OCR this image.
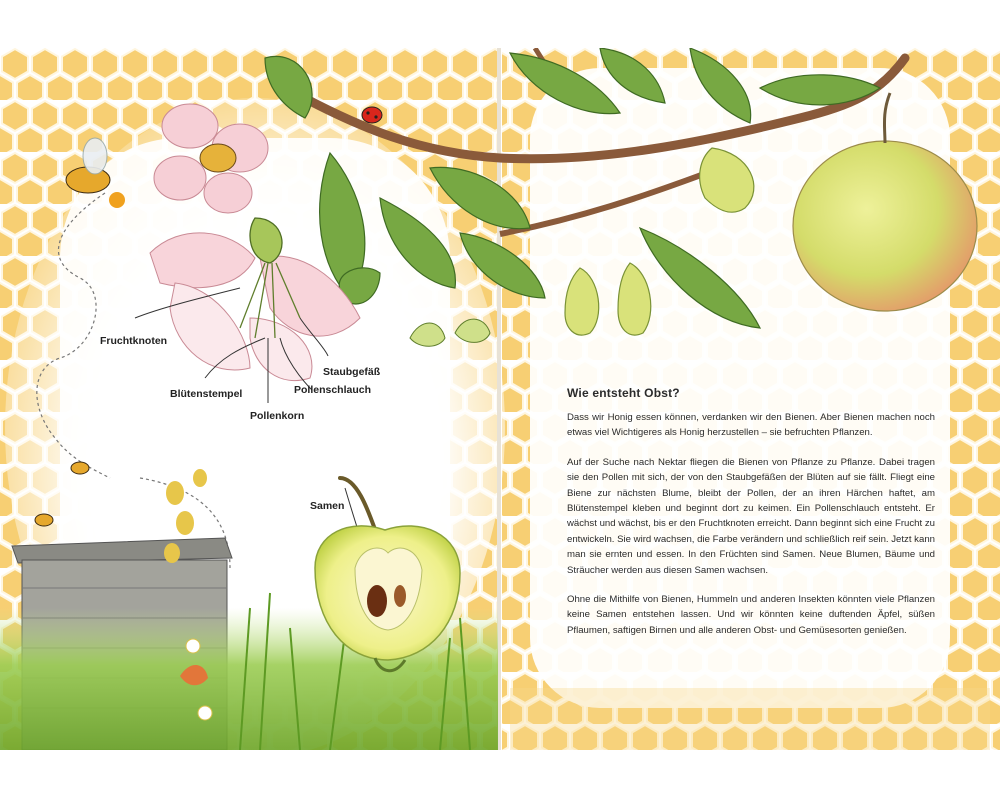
Fruchtknoten
Blütenstempel
Pollenkorn
Pollenschlauch
Staubgefäß
Samen
Wie entsteht Obst?

Dass wir Honig essen können, verdanken wir den Bienen. Aber Bienen machen noch etwas viel Wichtigeres als Honig herzustellen – sie befruchten Pflanzen.

Auf der Suche nach Nektar fliegen die Bienen von Pflanze zu Pflanze. Dabei tragen sie den Pollen mit sich, der von den Staubgefäßen der Blüten auf sie fällt. Fliegt eine Biene zur nächsten Blume, bleibt der Pollen, der an ihren Härchen haftet, am Blütenstempel kleben und beginnt dort zu keimen. Ein Pollenschlauch entsteht. Er wächst und wächst, bis er den Fruchtknoten erreicht. Dann beginnt sich eine Frucht zu entwickeln. Sie wird wachsen, die Farbe verändern und schließlich reif sein. Jetzt kann man sie ernten und essen. In den Früchten sind Samen. Neue Blumen, Bäume und Sträucher werden aus diesen Samen wachsen.

Ohne die Mithilfe von Bienen, Hummeln und anderen Insekten könnten viele Pflanzen keine Samen entstehen lassen. Und wir könnten keine duftenden Äpfel, süßen Pflaumen, saftigen Birnen und alle anderen Obst- und Gemüsesorten genießen.
